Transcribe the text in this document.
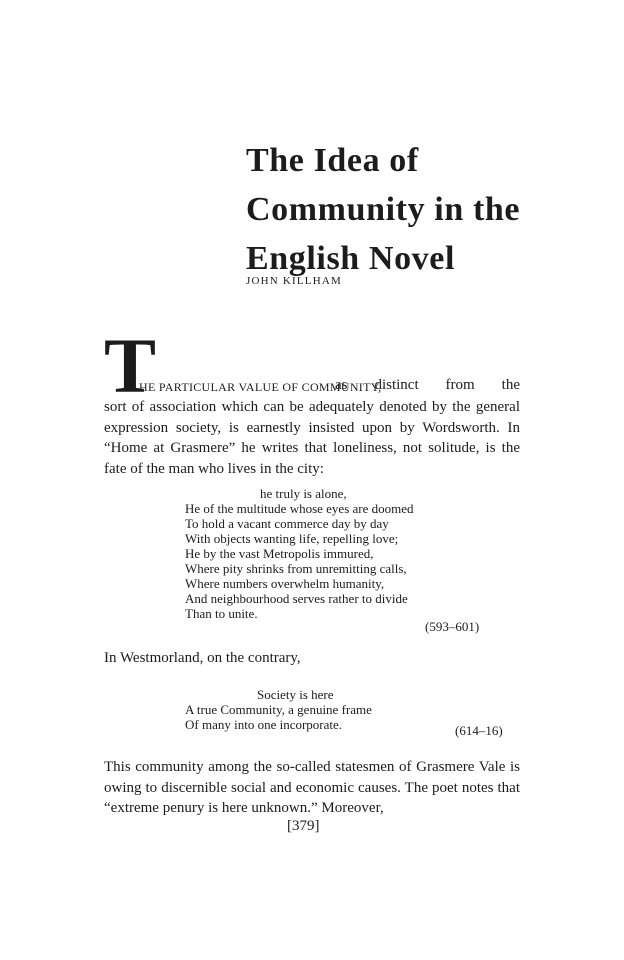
The Idea of
Community in the
English Novel
JOHN KILLHAM
T
HE PARTICULAR VALUE OF COMMUNITY,
as distinct from the

sort of association which can be adequately denoted by the general expression society, is earnestly insisted upon by Wordsworth. In “Home at Grasmere” he writes that loneliness, not solitude, is the fate of the man who lives in the city:

he truly is alone,
He of the multitude whose eyes are doomed
To hold a vacant commerce day by day
With objects wanting life, repelling love;
He by the vast Metropolis immured,
Where pity shrinks from unremitting calls,
Where numbers overwhelm humanity,
And neighbourhood serves rather to divide
Than to unite.
(593–601)
In Westmorland, on the contrary,
Society is here
A true Community, a genuine frame
Of many into one incorporate.	(614–16)

This community among the so-called statesmen of Grasmere Vale is owing to discernible social and economic causes. The poet notes that “extreme penury is here unknown.” Moreover,

[379]
